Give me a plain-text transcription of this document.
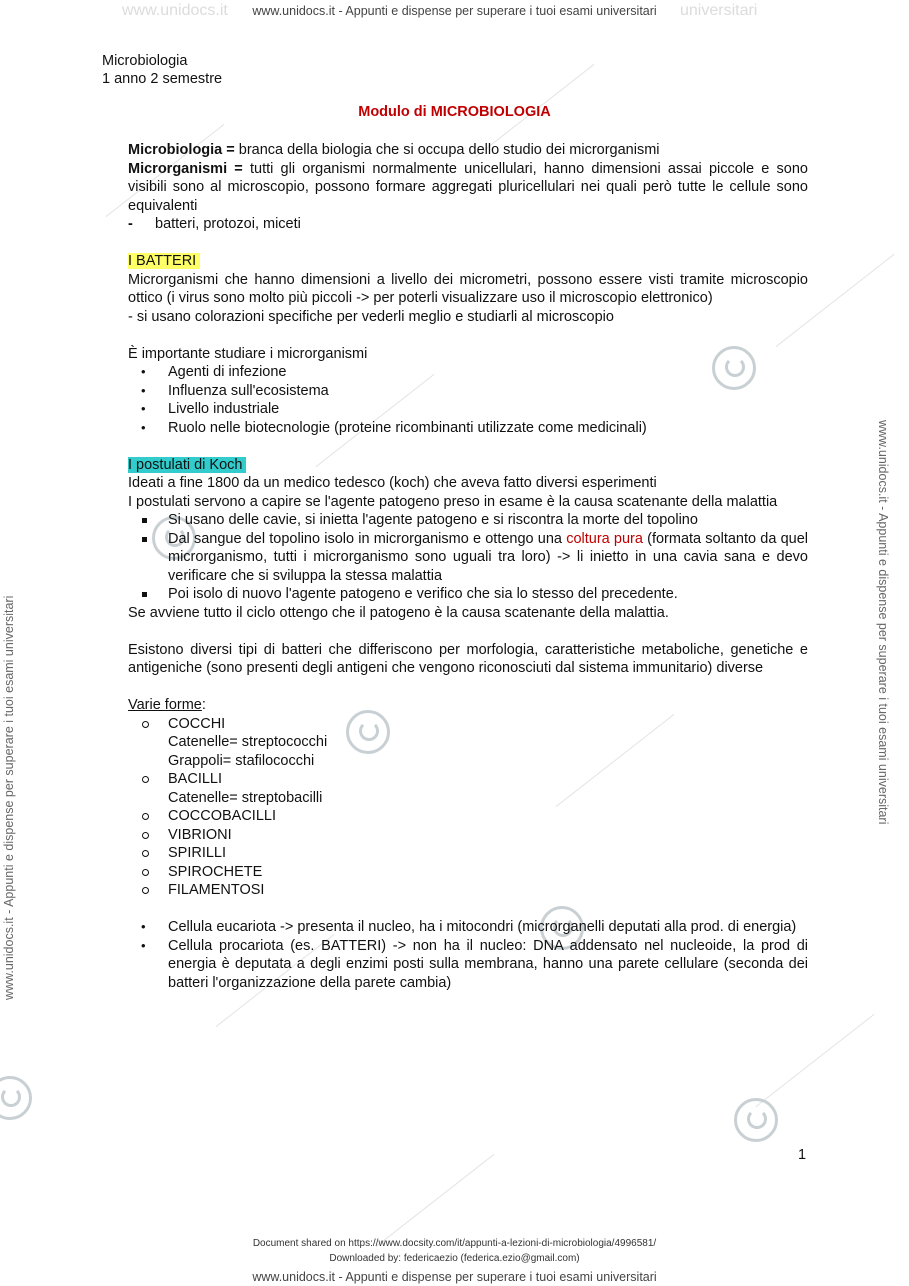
www.unidocs.it	universitari
www.unidocs.it - Appunti e dispense per superare i tuoi esami universitari
www.unidocs.it - Appunti e dispense per superare i tuoi esami universitari
www.unidocs.it - Appunti e dispense per superare i tuoi esami universitari	www.unidocs.it - Appunti e dispense per superare i tuoi esami universitari
Microbiologia
1 anno 2 semestre
Modulo di MICROBIOLOGIA

Microbiologia = branca della biologia che si occupa dello studio dei microrganismi

Microrganismi = tutti gli organismi normalmente unicellulari, hanno dimensioni assai piccole e sono visibili sono al microscopio, possono formare aggregati pluricellulari nei quali però tutte le cellule sono equivalenti

- batteri, protozoi, miceti

I BATTERI

Microrganismi che hanno dimensioni a livello dei micrometri, possono essere visti tramite microscopio ottico (i virus sono molto più piccoli -> per poterli visualizzare uso il microscopio elettronico)

- si usano colorazioni specifiche per vederli meglio e studiarli al microscopio

È importante studiare i microrganismi

• Agenti di infezione
• Influenza sull'ecosistema
• Livello industriale
• Ruolo nelle biotecnologie (proteine ricombinanti utilizzate come medicinali)

I postulati di Koch

Ideati a fine 1800 da un medico tedesco (koch) che aveva fatto diversi esperimenti

I postulati servono a capire se l'agente patogeno preso in esame è la causa scatenante della malattia

Si usano delle cavie, si inietta l'agente patogeno e si riscontra la morte del topolino
Dal sangue del topolino isolo in microrganismo e ottengo una coltura pura (formata soltanto da quel microrganismo, tutti i microrganismo sono uguali tra loro) -> li inietto in una cavia sana e devo verificare che si sviluppa la stessa malattia
Poi isolo di nuovo l'agente patogeno e verifico che sia lo stesso del precedente.

Se avviene tutto il ciclo ottengo che il patogeno è la causa scatenante della malattia.

Esistono diversi tipi di batteri che differiscono per morfologia, caratteristiche metaboliche, genetiche e antigeniche (sono presenti degli antigeni che vengono riconosciuti dal sistema immunitario) diverse

Varie forme:

COCCHI
Catenelle= streptococchi
Grappoli= stafilococchi
BACILLI
Catenelle= streptobacilli
COCCOBACILLI
VIBRIONI
SPIRILLI
SPIROCHETE
FILAMENTOSI
• Cellula eucariota -> presenta il nucleo, ha i mitocondri (microrganelli deputati alla prod. di energia)
• Cellula procariota (es. BATTERI) -> non ha il nucleo: DNA addensato nel nucleoide, la prod di energia è deputata a degli enzimi posti sulla membrana, hanno una parete cellulare (seconda dei batteri l'organizzazione della parete cambia)
1
Document shared on https://www.docsity.com/it/appunti-a-lezioni-di-microbiologia/4996581/
Downloaded by: federicaezio (federica.ezio@gmail.com)
